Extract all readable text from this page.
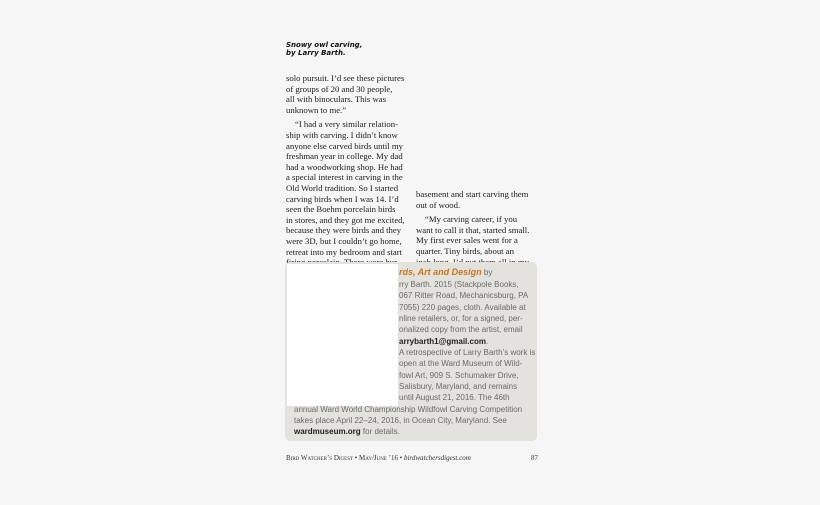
Snowy owl carving,
by Larry Barth.
solo pursuit. I’d see these pictures
of groups of 20 and 30 people,
all with binoculars. This was
unknown to me.”
“I had a very similar relation-
ship with carving. I didn’t know
anyone else carved birds until my
freshman year in college. My dad
had a woodworking shop. He had
a special interest in carving in the
Old World tradition. So I started
carving birds when I was 14. I’d
seen the Boehm porcelain birds
in stores, and they got me excited,
because they were birds and they
were 3D, but I couldn’t go home,
retreat into my bedroom and start
basement and start carving them
out of wood.
“My carving career, if you
want to call it that, started small.
My first ever sales went for a
quarter. Tiny birds, about an
rds, Art and Design by
rry Barth. 2015 (Stackpole Books,
067 Ritter Road, Mechanicsburg, PA
7055) 220 pages, cloth. Available at
nline retailers, or, for a signed, per-
onalized copy from the artist, email
arrybarth1@gmail.com.
A retrospective of Larry Barth’s work is
open at the Ward Museum of Wild-
fowl Art, 909 S. Schumaker Drive,
Salisbury, Maryland, and remains
until August 21, 2016. The 46th
annual Ward World Championship Wildfowl Carving Competition
takes place April 22–24, 2016, in Ocean City, Maryland. See
wardmuseum.org for details.
Bird Watcher’s Digest • May/June ’16 • birdwatchersdigest.com	87
